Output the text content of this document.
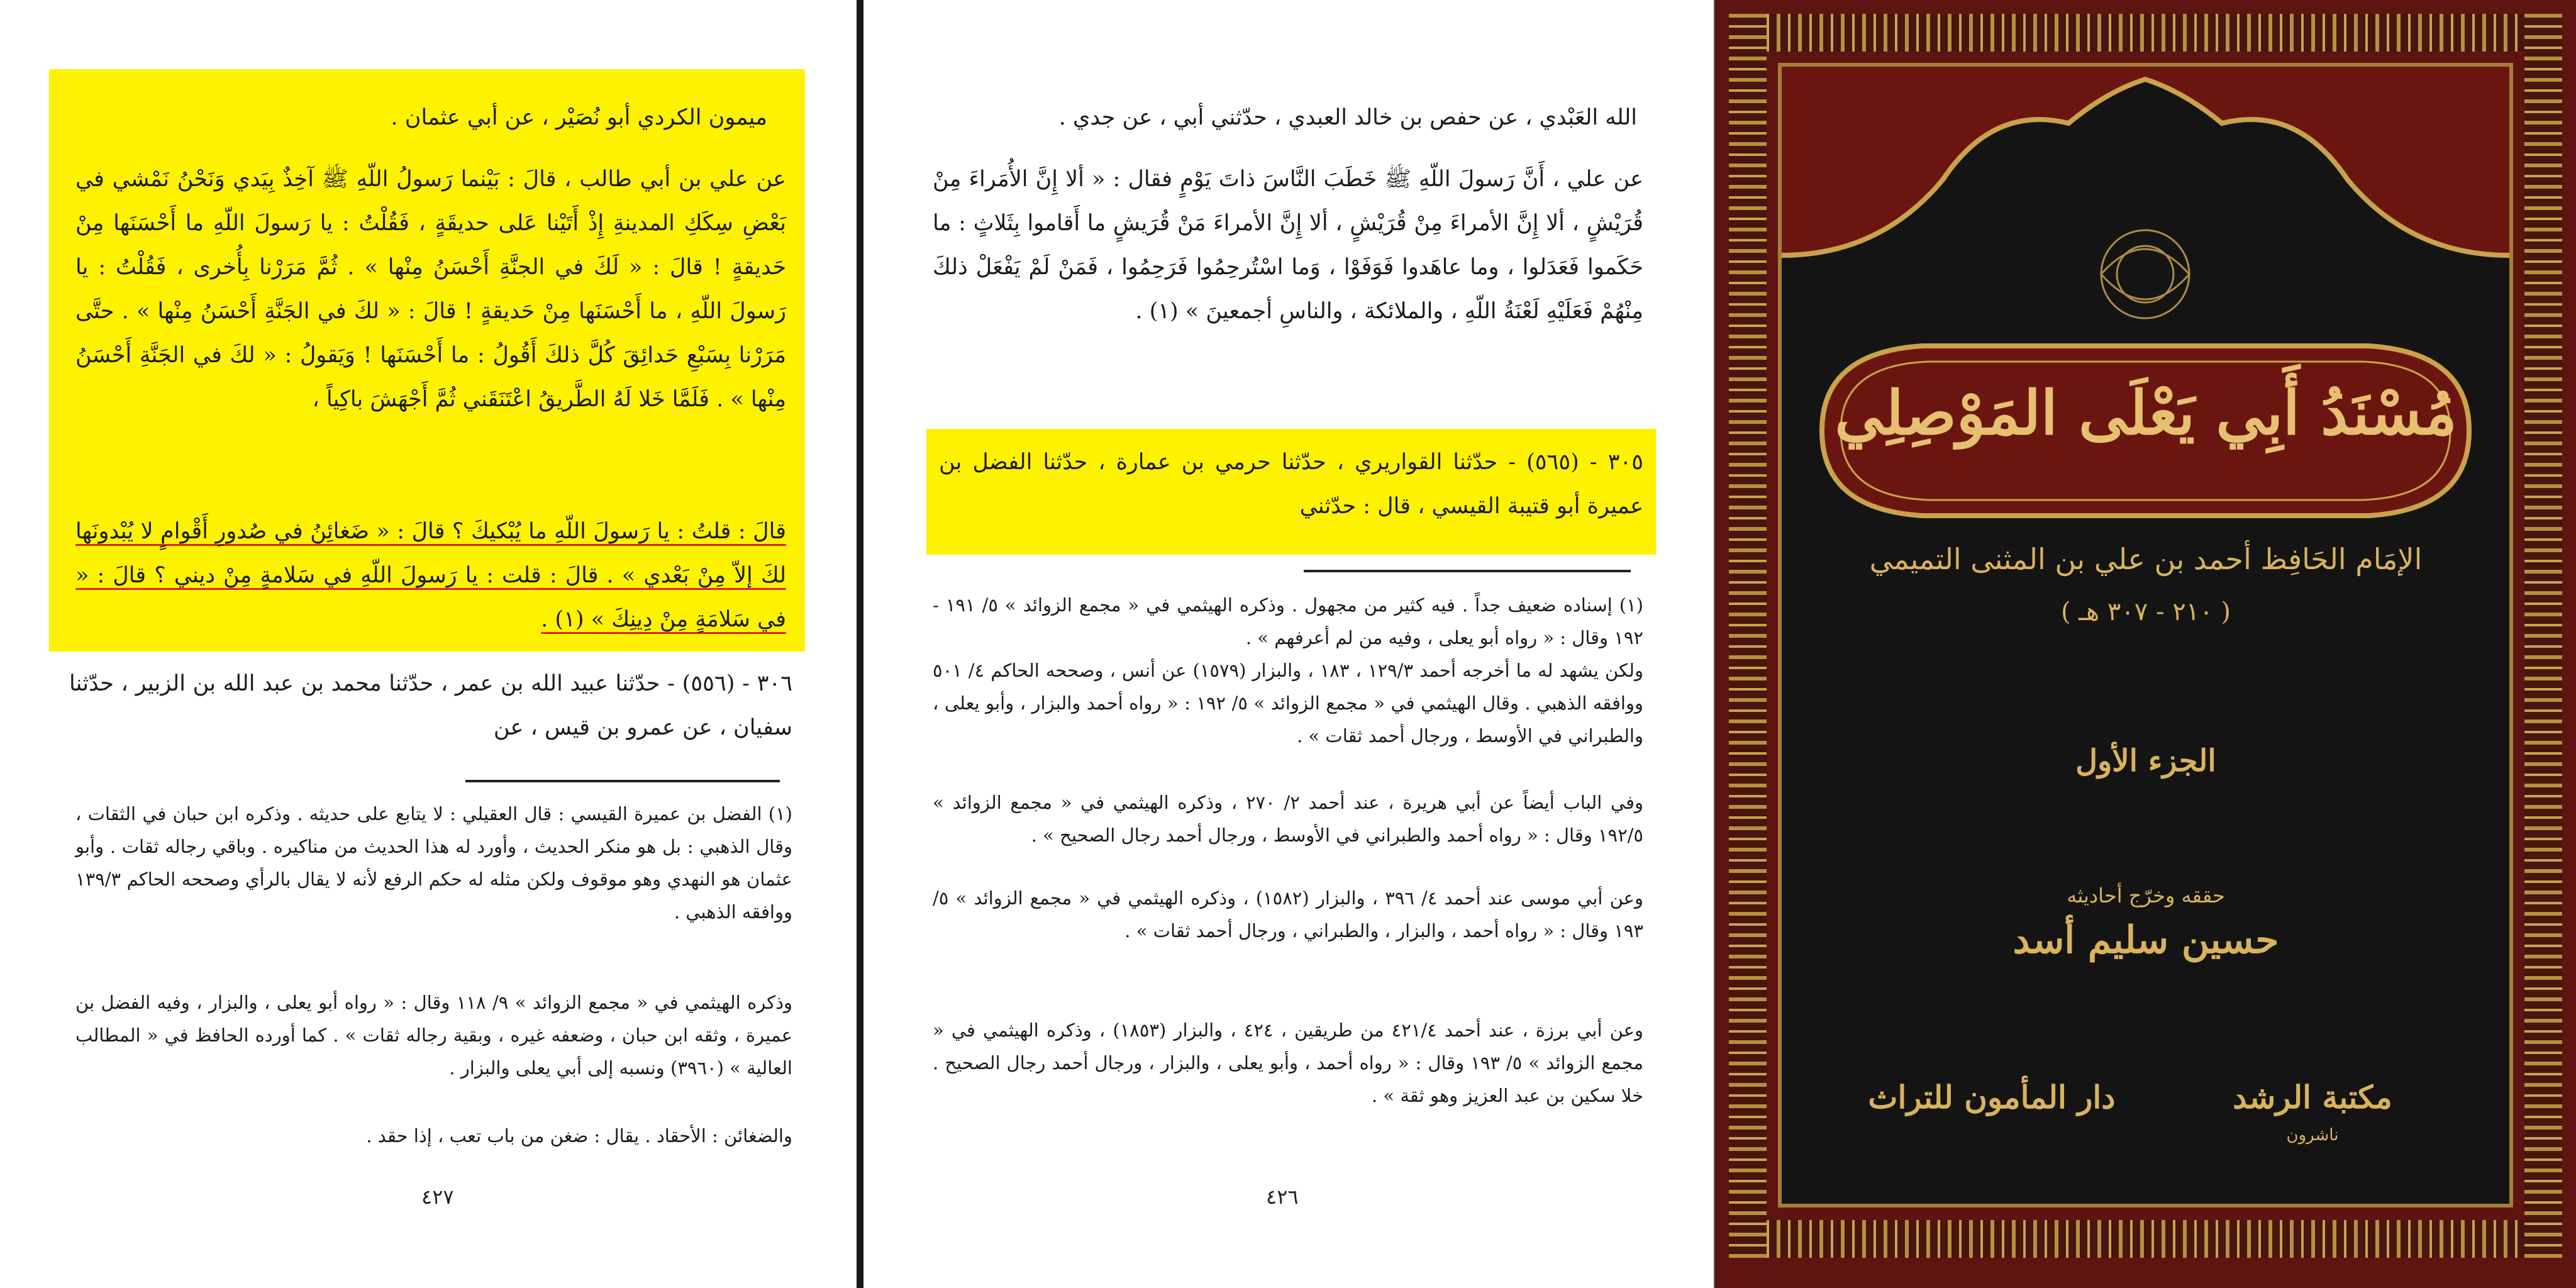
ميمون الكردي أبو نُصَيْر ، عن أبي عثمان .
عن علي بن أبي طالب ، قالَ : بَيْنما رَسولُ اللّهِ ﷺ آخِذٌ بِيَدي وَنَحْنُ نَمْشي في بَعْضِ سِكَكِ المدينةِ إِذْ أَتَيْنا عَلى حديقَةٍ ، فَقُلْتُ : يا رَسولَ اللّهِ ما أَحْسَنَها مِنْ حَديقةٍ ! قالَ : « لَكَ في الجنَّةِ أَحْسَنُ مِنْها » . ثُمَّ مَرَرْنا بِأُخرى ، فَقُلْتُ : يا رَسولَ اللّهِ ، ما أَحْسَنَها مِنْ حَديقةٍ ! قالَ : « لكَ في الجَنَّةِ أَحْسَنُ مِنْها » . حتَّى مَرَرْنا بِسَبْعِ حَدائِقَ كُلَّ ذلكَ أَقُولُ : ما أَحْسَنَها ! وَيَقولُ : « لكَ في الجَنَّةِ أَحْسَنُ مِنْها » . فَلَمَّا خَلا لَهُ الطَّريقُ اعْتَنَقَني ثُمَّ أَجْهَشَ باكِياً ،
قالَ : قلتُ : يا رَسولَ اللّهِ ما يُبْكيكَ ؟ قالَ : « ضَغائِنُ في صُدورِ أَقْوامٍ لا يُبْدونَها لكَ إلاّ مِنْ بَعْدي » . قالَ : قلت : يا رَسولَ اللّهِ في سَلامةٍ مِنْ ديني ؟ قالَ : « في سَلامَةٍ مِنْ دِينِكَ » (١) .
٣٠٦ - (٥٥٦) - حدّثنا عبيد الله بن عمر ، حدّثنا محمد بن عبد الله بن الزبير ، حدّثنا سفيان ، عن عمرو بن قيس ، عن
(١) الفضل بن عميرة القيسي : قال العقيلي : لا يتابع على حديثه . وذكره ابن حبان في الثقات ، وقال الذهبي : بل هو منكر الحديث ، وأورد له هذا الحديث من مناكيره . وباقي رجاله ثقات . وأبو عثمان هو النهدي وهو موقوف ولكن مثله له حكم الرفع لأنه لا يقال بالرأي وصححه الحاكم ١٣٩/٣ ووافقه الذهبي .
وذكره الهيثمي في « مجمع الزوائد » ٩/ ١١٨ وقال : « رواه أبو يعلى ، والبزار ، وفيه الفضل بن عميرة ، وثقه ابن حبان ، وضعفه غيره ، وبقية رجاله ثقات » . كما أورده الحافظ في « المطالب العالية » (٣٩٦٠) ونسبه إلى أبي يعلى والبزار .
والضغائن : الأحقاد . يقال : ضغن من باب تعب ، إذا حقد .
٤٢٧
الله العَبْدي ، عن حفص بن خالد العبدي ، حدّثني أبي ، عن جدي .
عن علي ، أَنَّ رَسولَ اللّهِ ﷺ خَطَبَ النَّاسَ ذاتَ يَوْمٍ فقال : « ألا إِنَّ الأُمَراءَ مِنْ قُرَيْشٍ ، ألا إِنَّ الأمراءَ مِنْ قُرَيْشٍ ، ألا إِنَّ الأمراءَ مَنْ قُرَيشٍ ما أَقاموا بِثَلاثٍ : ما حَكَموا فَعَدَلوا ، وما عاهَدوا فَوَفَوْا ، وَما اسْتُرحِمُوا فَرَحِمُوا ، فَمَنْ لَمْ يَفْعَلْ ذلكَ مِنْهُمْ فَعَلَيْهِ لَعْنَةُ اللّهِ ، والملائكة ، والناسِ أجمعينَ » (١) .
٣٠٥ - (٥٦٥) - حدّثنا القواريري ، حدّثنا حرمي بن عمارة ، حدّثنا الفضل بن عميرة أبو قتيبة القيسي ، قال : حدّثني
(١) إسناده ضعيف جداً . فيه كثير من مجهول . وذكره الهيثمي في « مجمع الزوائد » ٥/ ١٩١ - ١٩٢ وقال : « رواه أبو يعلى ، وفيه من لم أعرفهم » .
ولكن يشهد له ما أخرجه أحمد ١٢٩/٣ ، ١٨٣ ، والبزار (١٥٧٩) عن أنس ، وصححه الحاكم ٤/ ٥٠١ ووافقه الذهبي . وقال الهيثمي في « مجمع الزوائد » ٥/ ١٩٢ : « رواه أحمد والبزار ، وأبو يعلى ، والطبراني في الأوسط ، ورجال أحمد ثقات » .
وفي الباب أيضاً عن أبي هريرة ، عند أحمد ٢/ ٢٧٠ ، وذكره الهيثمي في « مجمع الزوائد » ١٩٢/٥ وقال : « رواه أحمد والطبراني في الأوسط ، ورجال أحمد رجال الصحيح » .
وعن أبي موسى عند أحمد ٤/ ٣٩٦ ، والبزار (١٥٨٢) ، وذكره الهيثمي في « مجمع الزوائد » ٥/ ١٩٣ وقال : « رواه أحمد ، والبزار ، والطبراني ، ورجال أحمد ثقات » .
وعن أبي برزة ، عند أحمد ٤٢١/٤ من طريقين ، ٤٢٤ ، والبزار (١٨٥٣) ، وذكره الهيثمي في « مجمع الزوائد » ٥/ ١٩٣ وقال : « رواه أحمد ، وأبو يعلى ، والبزار ، ورجال أحمد رجال الصحيح . خلا سكين بن عبد العزيز وهو ثقة » .
٤٢٦
مُسْنَدُ أَبِي يَعْلَى المَوْصِلِي
الإمَام الحَافِظ أحمد بن علي بن المثنى التميمي
( ٢١٠ - ٣٠٧ هـ )
الجزء الأول
حققه وخرّج أحاديثه
حسين سليم أسد
مكتبة الرشد
ناشرون
دار المأمون للتراث
